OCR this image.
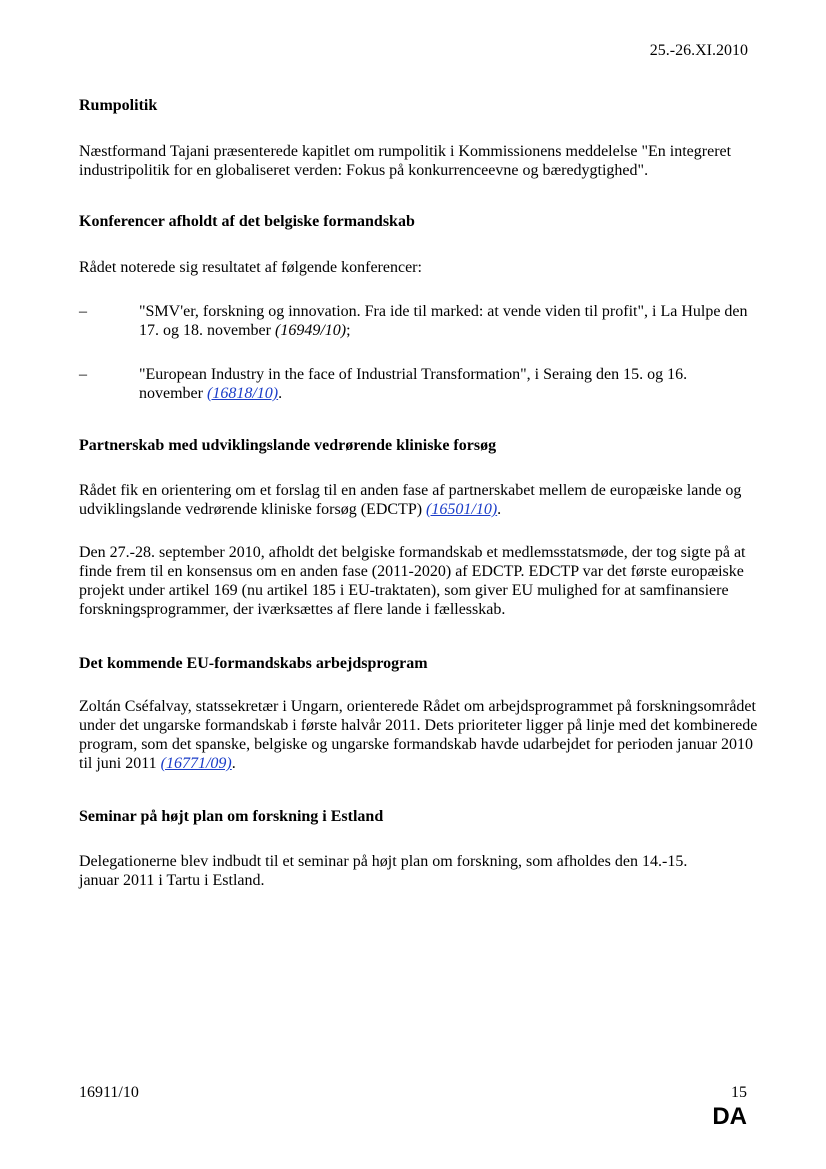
25.-26.XI.2010
Rumpolitik
Næstformand Tajani præsenterede kapitlet om rumpolitik i Kommissionens meddelelse "En integreret industripolitik for en globaliseret verden: Fokus på konkurrenceevne og bæredygtighed".
Konferencer afholdt af det belgiske formandskab
Rådet noterede sig resultatet af følgende konferencer:
–	"SMV'er, forskning og innovation. Fra ide til marked: at vende viden til profit", i La Hulpe den 17. og 18. november (16949/10);
–	"European Industry in the face of Industrial Transformation", i Seraing den 15. og 16. november (16818/10).
Partnerskab med udviklingslande vedrørende kliniske forsøg
Rådet fik en orientering om et forslag til en anden fase af partnerskabet mellem de europæiske lande og udviklingslande vedrørende kliniske forsøg (EDCTP) (16501/10).
Den 27.-28. september 2010, afholdt det belgiske formandskab et medlemsstatsmøde, der tog sigte på at finde frem til en konsensus om en anden fase (2011-2020) af EDCTP. EDCTP var det første europæiske projekt under artikel 169 (nu artikel 185 i EU-traktaten), som giver EU mulighed for at samfinansiere forskningsprogrammer, der iværksættes af flere lande i fællesskab.
Det kommende EU-formandskabs arbejdsprogram
Zoltán Cséfalvay, statssekretær i Ungarn, orienterede Rådet om arbejdsprogrammet på forskningsområdet under det ungarske formandskab i første halvår 2011. Dets prioriteter ligger på linje med det kombinerede program, som det spanske, belgiske og ungarske formandskab havde udarbejdet for perioden januar 2010 til juni 2011 (16771/09).
Seminar på højt plan om forskning i Estland
Delegationerne blev indbudt til et seminar på højt plan om forskning, som afholdes den 14.-15. januar 2011 i Tartu i Estland.
16911/10	15
DA
